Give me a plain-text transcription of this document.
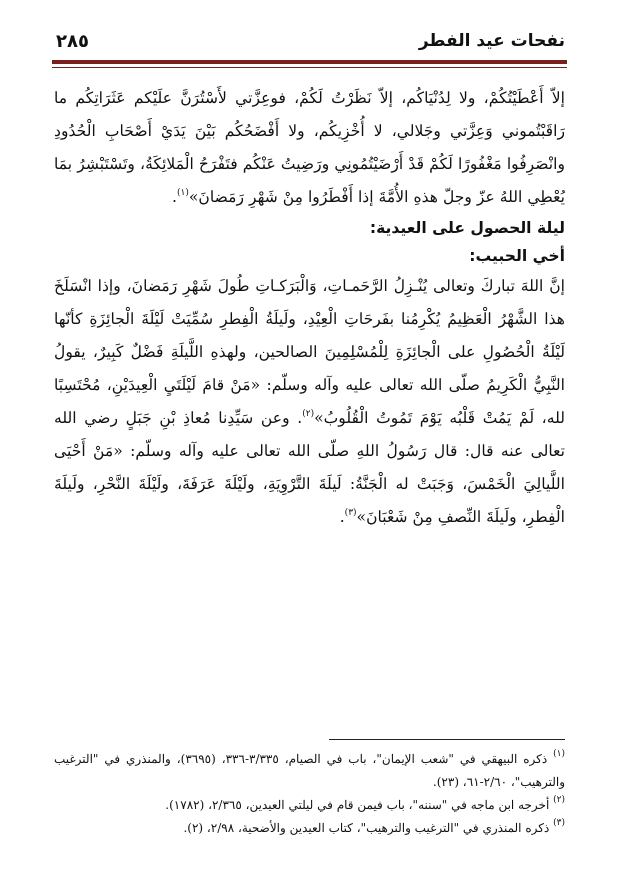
نفحات عيد الفطر
٢٨٥

إلاّ أَعْطَيْتُكُمْ، ولا لِدُنْيَاكُم، إلاّ نَظَرْتُ لَكُمْ، فوعِزَّتي لأَسْتُرَنَّ علَيْكم عَثَرَاتِكُم ما رَاقَبْتُموني وَعِزَّتي وجَلالي، لا أُخْزِيكُم، ولا أَفْضَحُكُم بَيْنَ يَدَيْ أَصْحَابِ الْحُدُودِ وانْصَرِفُوا مَغْفُورًا لَكُمْ قَدْ أَرْضَيْتُمُونِي ورَضِيتُ عَنْكُم فتَفْرَحُ الْمَلائِكَةُ، وتَسْتَبْشِرُ بمَا يُعْطِي اللهُ عزّ وجلّ هذهِ الأُمَّةَ إذا أَفْطَرُوا مِنْ شَهْرِ رَمَضانَ»$^{(١)}$.

ليلة الحصول على العيدية:
أخي الحبيب:

إنَّ اللهَ تباركَ وتعالى يُنْـزِلُ الرَّحَمـاتِ، وَالْبَرَكـاتِ طُولَ شَهْرِ رَمَضانَ، وإذا انْسَلَخَ هذا الشَّهْرُ الْعَظِيمُ يُكْرِمُنا بفَرحَاتِ الْعِيْدِ، ولَيلَةُ الْفِطرِ سُمِّيَتْ لَيْلَةَ الْجائِزَةِ كأنّها لَيْلَةُ الْحُصُولِ على الْجائِزَةِ لِلْمُسْلِمِينَ الصالحين، ولهذهِ اللَّيلَةِ فَضْلٌ كَبِيرٌ، يقولُ النَّبِيُّ الْكَرِيمُ صلّى الله تعالى عليه وآله وسلّم: «مَنْ قامَ لَيْلَتَيِ الْعِيدَيْنِ، مُحْتَسِبًا لله، لَمْ يَمُتْ قَلْبُه يَوْمَ تَمُوتُ الْقُلُوبُ»$^{(٢)}$. وعن سَيِّدِنا مُعاذِ بْنِ جَبَلٍ رضي الله تعالى عنه قال: قال رَسُولُ اللهِ صلّى الله تعالى عليه وآله وسلّم: «مَنْ أَحْيَى اللَّيالِيَ الْخَمْسَ، وَجَبَتْ له الْجَنَّةُ: لَيلَةَ التَّرْوِيَةِ، ولَيْلَةَ عَرَفَةَ، ولَيْلَةَ النَّحْرِ، ولَيلَةَ الْفِطرِ، ولَيلَةَ النِّصفِ مِنْ شَعْبَانَ»$^{(٣)}$.

$^{(١)}$ ذكره البيهقي في "شعب الإيمان"، باب في الصيام، ٣/٣٣٥-٣٣٦، (٣٦٩٥)، والمنذري في "الترغيب والترهيب"، ٢/٦٠-٦١، (٢٣).

$^{(٢)}$ أخرجه ابن ماجه في "سننه"، باب فيمن قام في ليلتي العيدين، ٢/٣٦٥، (١٧٨٢).

$^{(٣)}$ ذكره المنذري في "الترغيب والترهيب"، كتاب العيدين والأضحية، ٢/٩٨، (٢).
